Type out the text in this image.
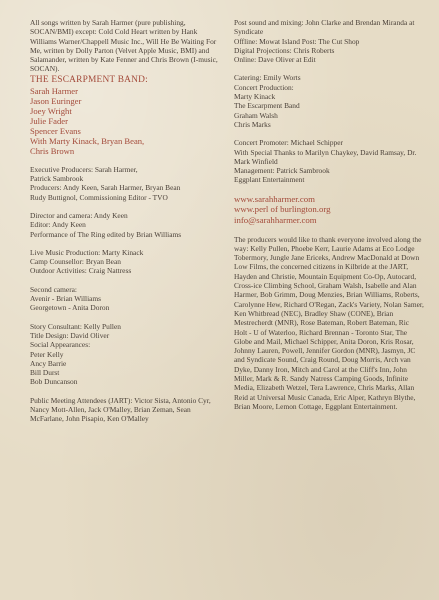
All songs written by Sarah Harmer (pure publishing, SOCAN/BMI) except: Cold Cold Heart written by Hank Williams Warner/Chappell Music Inc., Will He Be Waiting For Me, written by Dolly Parton (Velvet Apple Music, BMI) and Salamander, written by Kate Fenner and Chris Brown (I-music, SOCAN).

THE ESCARPMENT BAND:

Sarah Harmer

Jason Euringer

Joey Wright

Julie Fader

Spencer Evans

With Marty Kinack, Bryan Bean,

Chris Brown

Executive Producers: Sarah Harmer,

Patrick Sambrook

Producers: Andy Keen, Sarah Harmer, Bryan Bean

Rudy Buttignol, Commissioning Editor - TVO

Director and camera: Andy Keen

Editor: Andy Keen

Performance of The Ring edited by Brian Williams

Live Music Production: Marty Kinack

Camp Counsellor: Bryan Bean

Outdoor Activities: Craig Nattress

Second camera:

Avenir - Brian Williams

Georgetown - Anita Doron

Story Consultant: Kelly Pullen

Title Design: David Oliver

Social Appearances:

Peter Kelly

Ancy Barrie

Bill Durst

Bob Duncanson

Public Meeting Attendees (JART): Victor Sista, Antonio Cyr, Nancy Mott-Allen, Jack O'Malley, Brian Zeman, Sean McFarlane, John Pisapio, Ken O'Malley

Post sound and mixing: John Clarke and Brendan Miranda at Syndicate

Offline: Mowat Island Post: The Cut Shop

Digital Projections: Chris Roberts

Online: Dave Oliver at Edit

Catering: Emily Worts

Concert Production:

Marty Kinack

The Escarpment Band

Graham Walsh

Chris Marks

Concert Promoter: Michael Schipper

With Special Thanks to Marilyn Chaykey, David Ramsay, Dr. Mark Winfield

Management: Patrick Sambrook

Eggplant Entertainment

www.sarahharmer.com

www.perl of burlington.org

info@sarahharmer.com

The producers would like to thank everyone involved along the way: Kelly Pullen, Phoebe Kerr, Laurie Adams at Eco Lodge Tobermory, Jungle Jane Ericeks, Andrew MacDonald at Down Low Films, the concerned citizens in Kilbride at the JART, Hayden and Christie, Mountain Equipment Co-Op, Autocard, Cross-ice Climbing School, Graham Walsh, Isabelle and Alan Harmer, Bob Grimm, Doug Menzies, Brian Williams, Roberts, Carolynne Hew, Richard O'Regan, Zack's Variety, Nolan Samer, Ken Whitbread (NEC), Bradley Shaw (CONE), Brian Mestrecherdt (MNR), Rose Bateman, Robert Bateman, Ric Holt - U of Waterloo, Richard Brennan - Toronto Star, The Globe and Mail, Michael Schipper, Anita Doron, Kris Rosar, Johnny Lauren, Powell, Jennifer Gordon (MNR), Jasmyn, JC and Syndicate Sound, Craig Round, Doug Morris, Arch van Dyke, Danny Iron, Mitch and Carol at the Cliff's Inn, John Miller, Mark & R. Sandy Natress Camping Goods, Infinite Media, Elizabeth Wetzel, Tera Lawrence, Chris Marks, Allan Reid at Universal Music Canada, Eric Alper, Kathryn Blythe, Brian Moore, Lemon Cottage, Eggplant Entertainment.
